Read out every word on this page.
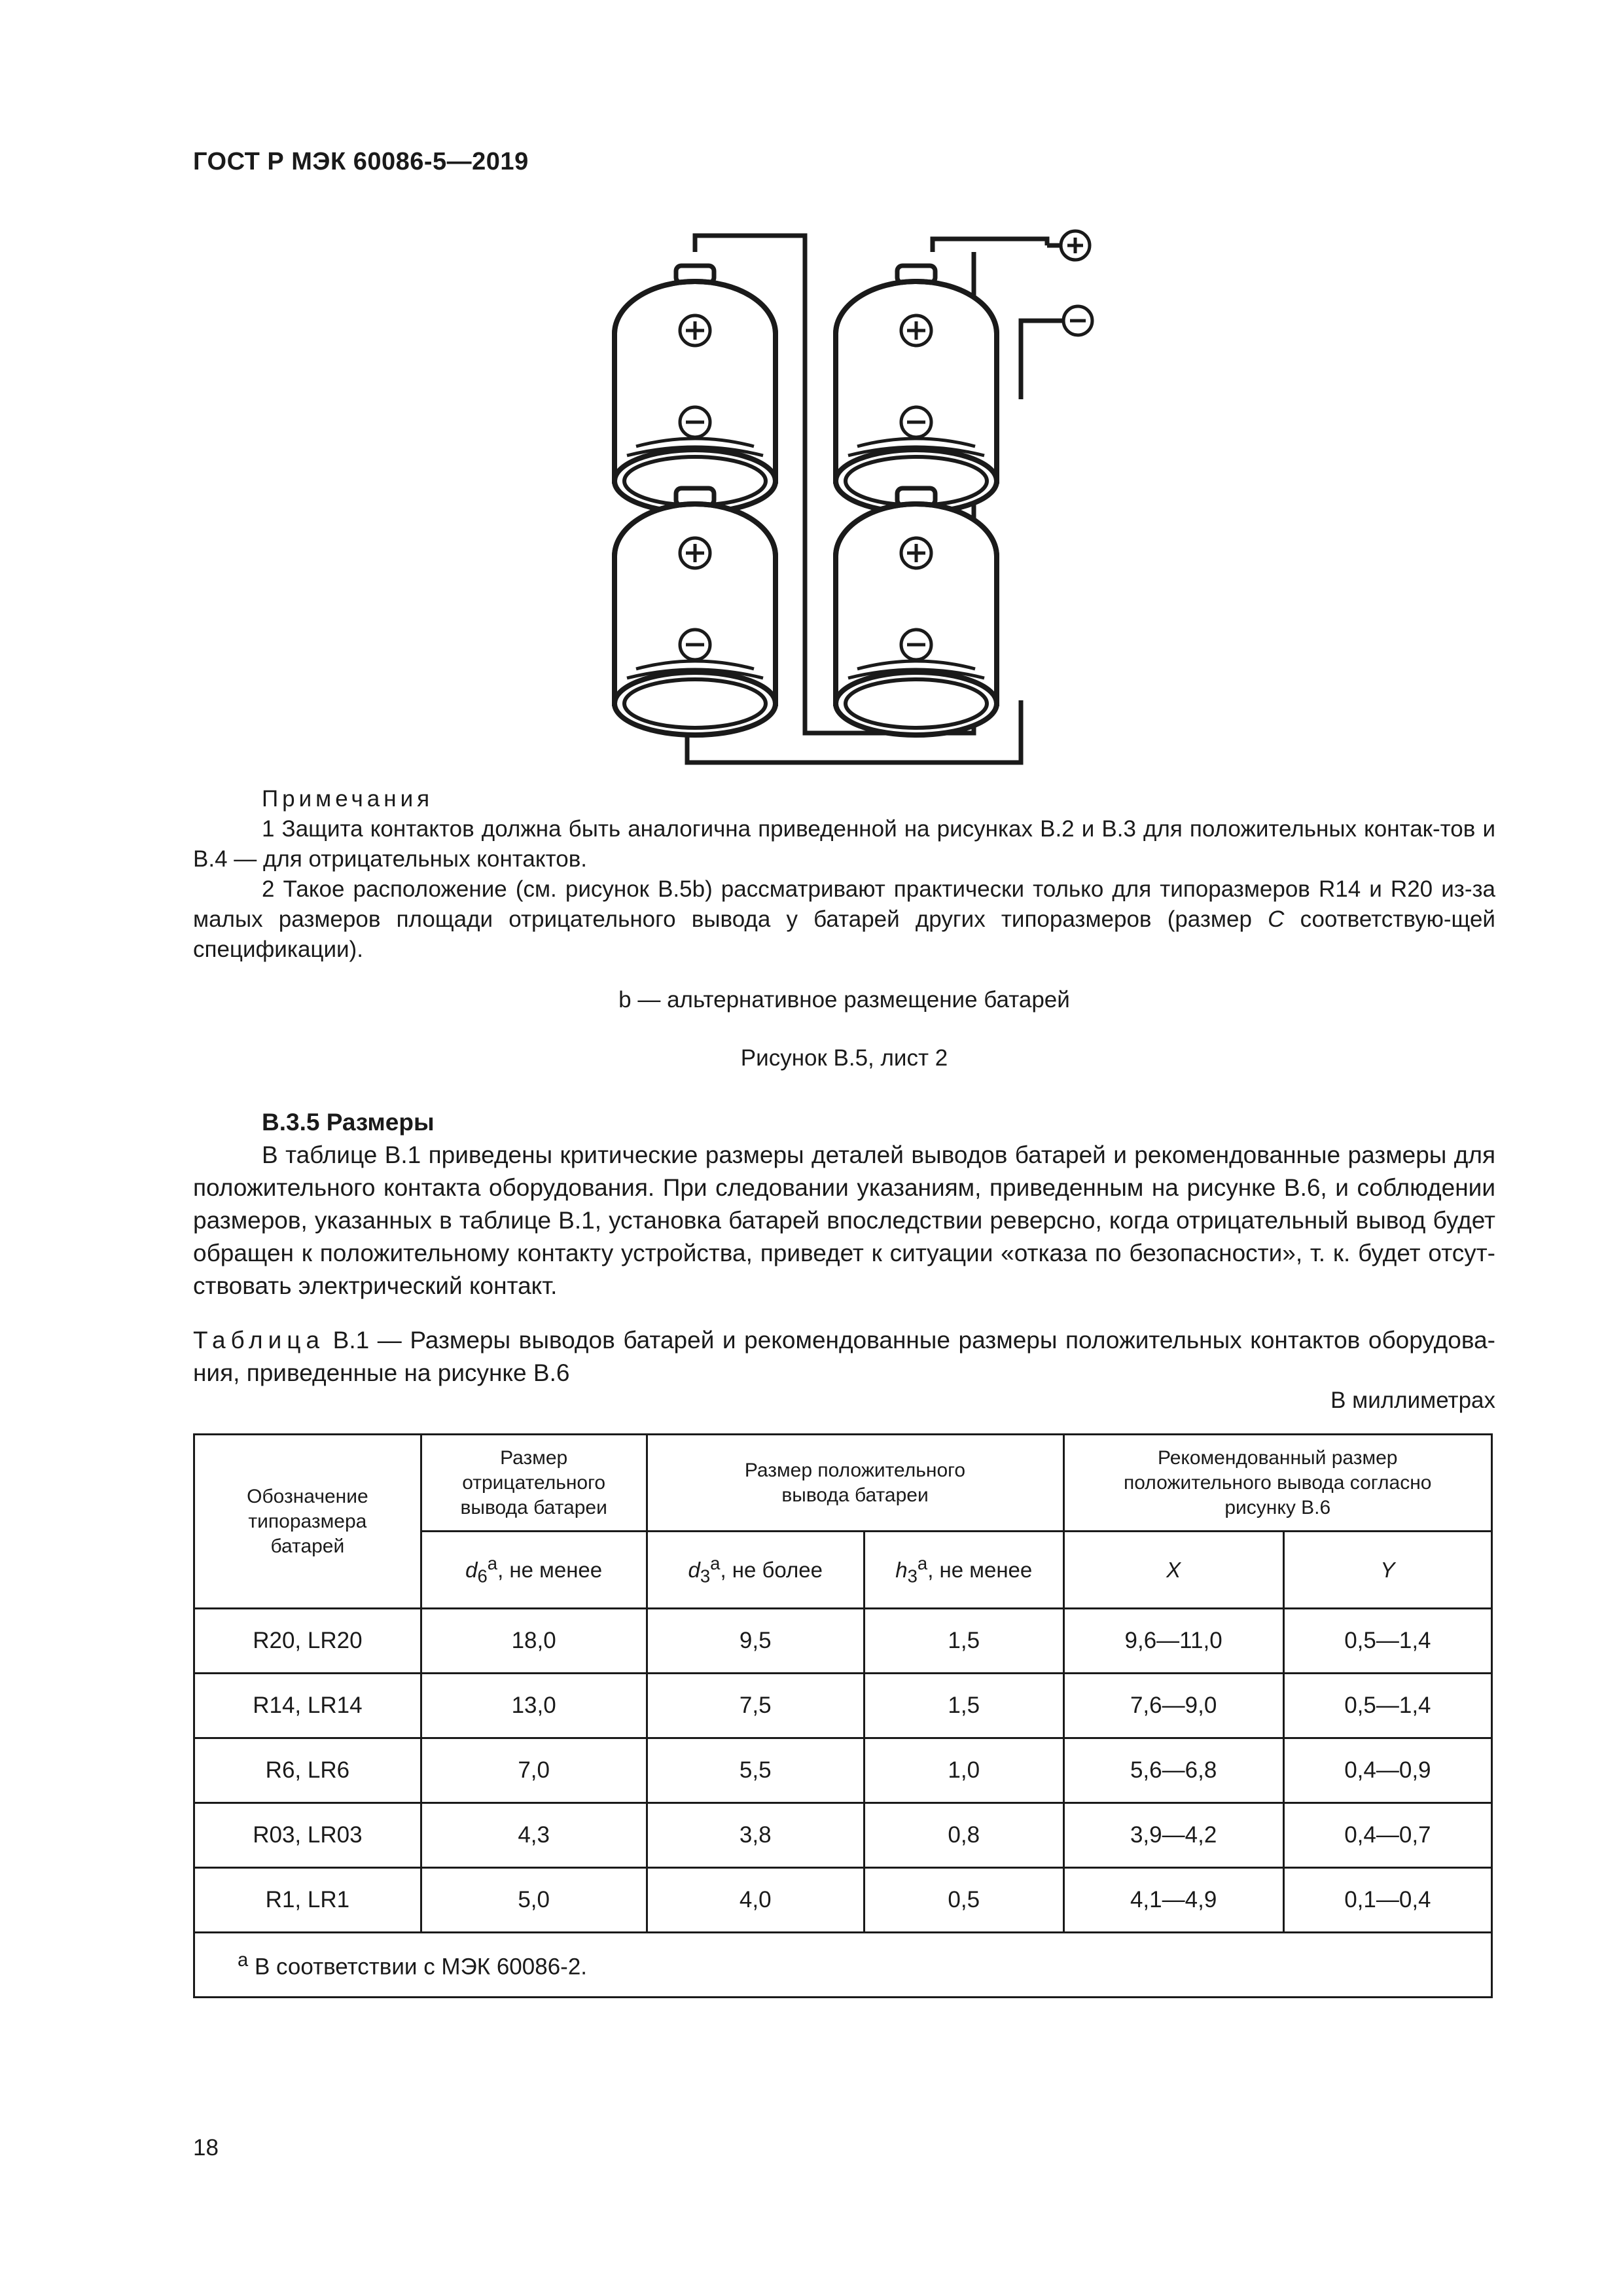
ГОСТ Р МЭК 60086-5—2019

Примечания

1 Защита контактов должна быть аналогична приведенной на рисунках B.2 и B.3 для положительных контак-тов и B.4 — для отрицательных контактов.

2 Такое расположение (см. рисунок B.5b) рассматривают практически только для типоразмеров R14 и R20 из-за малых размеров площади отрицательного вывода у батарей других типоразмеров (размер C соответствую-щей спецификации).

b — альтернативное размещение батарей
Рисунок B.5, лист 2

B.3.5 Размеры

В таблице B.1 приведены критические размеры деталей выводов батарей и рекомендованные размеры для положительного контакта оборудования. При следовании указаниям, приведенным на рисунке B.6, и соблюдении размеров, указанных в таблице B.1, установка батарей впоследствии реверсно, когда отрицательный вывод будет обращен к положительному контакту устройства, приведет к ситуации «отказа по безопасности», т. к. будет отсут-ствовать электрический контакт.

Таблица B.1 — Размеры выводов батарей и рекомендованные размеры положительных контактов оборудова-ния, приведенные на рисунке B.6
В миллиметрах
Обозначение типоразмера батарей	Размер отрицательного вывода батареи	Размер положительного вывода батареи		Рекомендованный размер положительного вывода согласно рисунку B.6	

	$d_6^a$, не менее	$d_3^a$, не более	$h_3^a$, не менее	X	Y
R20, LR20	18,0	9,5	1,5	9,6—11,0	0,5—1,4
R14, LR14	13,0	7,5	1,5	7,6—9,0	0,5—1,4
R6, LR6	7,0	5,5	1,0	5,6—6,8	0,4—0,9
R03, LR03	4,3	3,8	0,8	3,9—4,2	0,4—0,7
R1, LR1	5,0	4,0	0,5	4,1—4,9	0,1—0,4
$^a$ В соответствии с МЭК 60086-2.					
18
